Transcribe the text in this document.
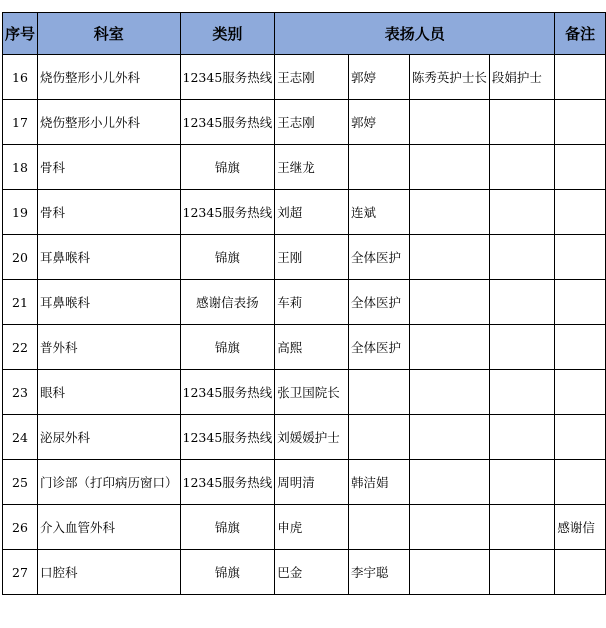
序号	科室	类别	表扬人员				备注
16	烧伤整形小儿外科	12345服务热线	王志刚	郭婷	陈秀英护士长	段娟护士	
17	烧伤整形小儿外科	12345服务热线	王志刚	郭婷			
18	骨科	锦旗	王继龙				
19	骨科	12345服务热线	刘超	连斌			
20	耳鼻喉科	锦旗	王刚	全体医护			
21	耳鼻喉科	感谢信表扬	车莉	全体医护			
22	普外科	锦旗	高熙	全体医护			
23	眼科	12345服务热线	张卫国院长				
24	泌尿外科	12345服务热线	刘媛媛护士				
25	门诊部（打印病历窗口）	12345服务热线	周明清	韩洁娟			
26	介入血管外科	锦旗	申虎				感谢信
27	口腔科	锦旗	巴金	李宇聪			
